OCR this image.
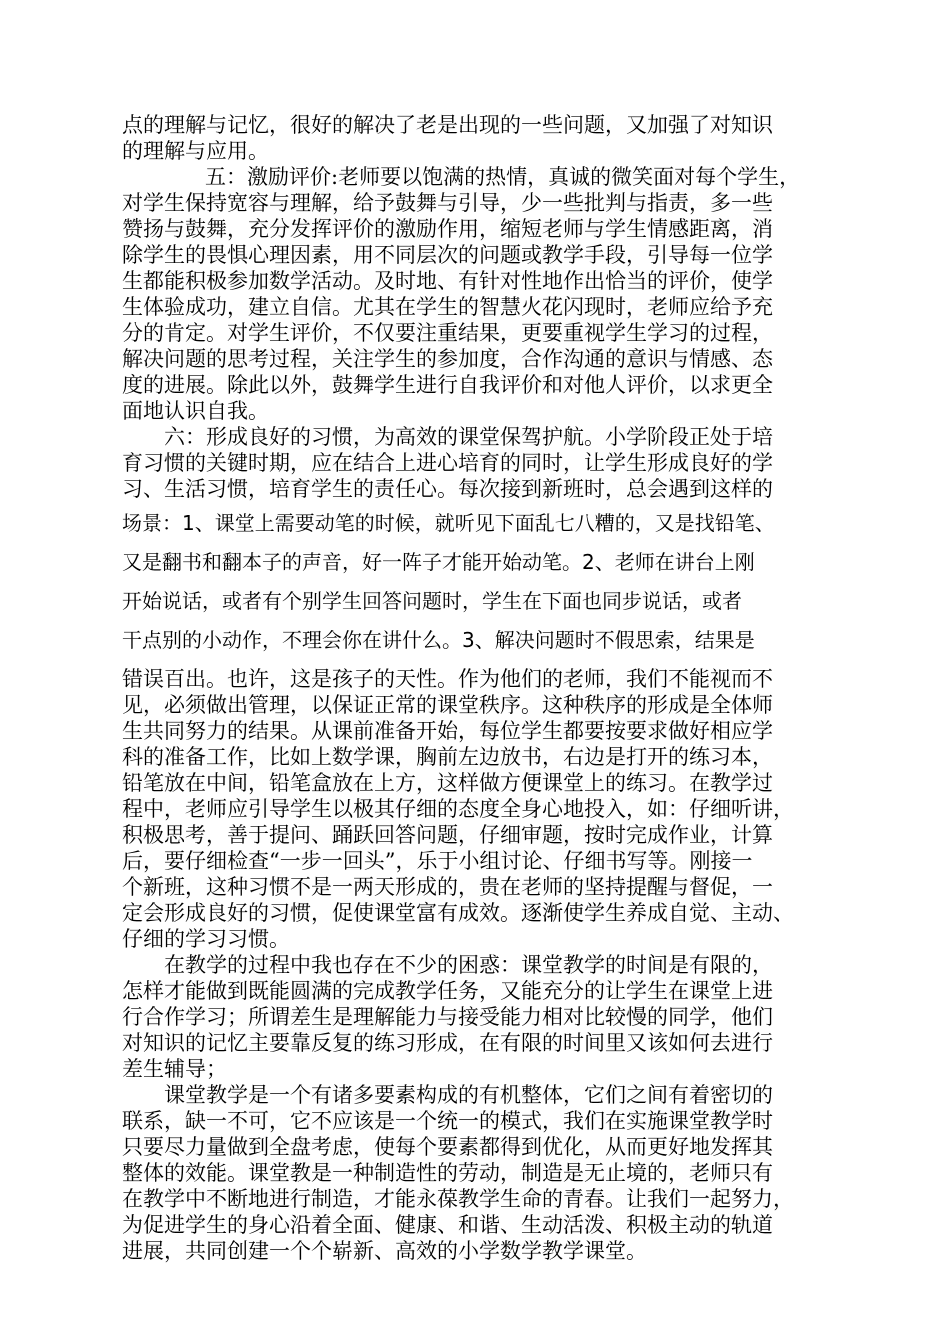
点的理解与记忆，很好的解决了老是出现的一些问题，又加强了对知识
的理解与应用。
五：激励评价:老师要以饱满的热情，真诚的微笑面对每个学生，
对学生保持宽容与理解，给予鼓舞与引导，少一些批判与指责，多一些
赞扬与鼓舞，充分发挥评价的激励作用，缩短老师与学生情感距离，消
除学生的畏惧心理因素，用不同层次的问题或教学手段，引导每一位学
生都能积极参加数学活动。及时地、有针对性地作出恰当的评价，使学
生体验成功，建立自信。尤其在学生的智慧火花闪现时，老师应给予充
分的肯定。对学生评价，不仅要注重结果，更要重视学生学习的过程，
解决问题的思考过程，关注学生的参加度，合作沟通的意识与情感、态
度的进展。除此以外，鼓舞学生进行自我评价和对他人评价，以求更全
面地认识自我。
六：形成良好的习惯，为高效的课堂保驾护航。小学阶段正处于培
育习惯的关键时期，应在结合上进心培育的同时，让学生形成良好的学
习、生活习惯，培育学生的责任心。每次接到新班时，总会遇到这样的
场景：1、课堂上需要动笔的时候，就听见下面乱七八糟的，又是找铅笔、
又是翻书和翻本子的声音，好一阵子才能开始动笔。2、老师在讲台上刚
开始说话，或者有个别学生回答问题时，学生在下面也同步说话，或者
干点别的小动作，不理会你在讲什么。3、解决问题时不假思索，结果是
错误百出。也许，这是孩子的天性。作为他们的老师，我们不能视而不
见，必须做出管理，以保证正常的课堂秩序。这种秩序的形成是全体师
生共同努力的结果。从课前准备开始，每位学生都要按要求做好相应学
科的准备工作，比如上数学课，胸前左边放书，右边是打开的练习本，
铅笔放在中间，铅笔盒放在上方，这样做方便课堂上的练习。在教学过
程中，老师应引导学生以极其仔细的态度全身心地投入，如：仔细听讲，
积极思考，善于提问、踊跃回答问题，仔细审题，按时完成作业，计算
后，要仔细检查“一步一回头”，乐于小组讨论、仔细书写等。刚接一
个新班，这种习惯不是一两天形成的，贵在老师的坚持提醒与督促，一
定会形成良好的习惯，促使课堂富有成效。逐渐使学生养成自觉、主动、
仔细的学习习惯。
在教学的过程中我也存在不少的困惑：课堂教学的时间是有限的，
怎样才能做到既能圆满的完成教学任务，又能充分的让学生在课堂上进
行合作学习；所谓差生是理解能力与接受能力相对比较慢的同学，他们
对知识的记忆主要靠反复的练习形成，在有限的时间里又该如何去进行
差生辅导；
课堂教学是一个有诸多要素构成的有机整体，它们之间有着密切的
联系，缺一不可，它不应该是一个统一的模式，我们在实施课堂教学时
只要尽力量做到全盘考虑，使每个要素都得到优化，从而更好地发挥其
整体的效能。课堂教是一种制造性的劳动，制造是无止境的，老师只有
在教学中不断地进行制造，才能永葆教学生命的青春。让我们一起努力，
为促进学生的身心沿着全面、健康、和谐、生动活泼、积极主动的轨道
进展，共同创建一个个崭新、高效的小学数学教学课堂。
